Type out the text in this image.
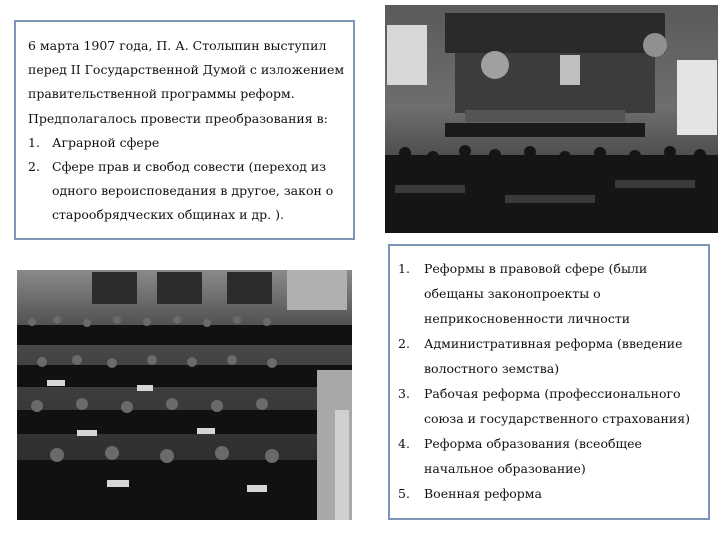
6 марта 1907 года, П. А. Столыпин выступил
перед II Государственной Думой с изложением
правительственной программы реформ.
Предполагалось провести преобразования в:
1. Аграрной сфере
2. Сфере прав и свобод совести (переход из
одного вероисповедания в другое, закон о
старообрядческих общинах и др. ).
1.	Реформы в правовой сфере (были
обещаны законопроекты о
неприкосновенности личности
2.	Административная реформа (введение
волостного земства)
3.	Рабочая реформа (профессионального
союза и государственного страхования)
4.	Реформа образования (всеобщее
начальное образование)
5.	Военная реформа
